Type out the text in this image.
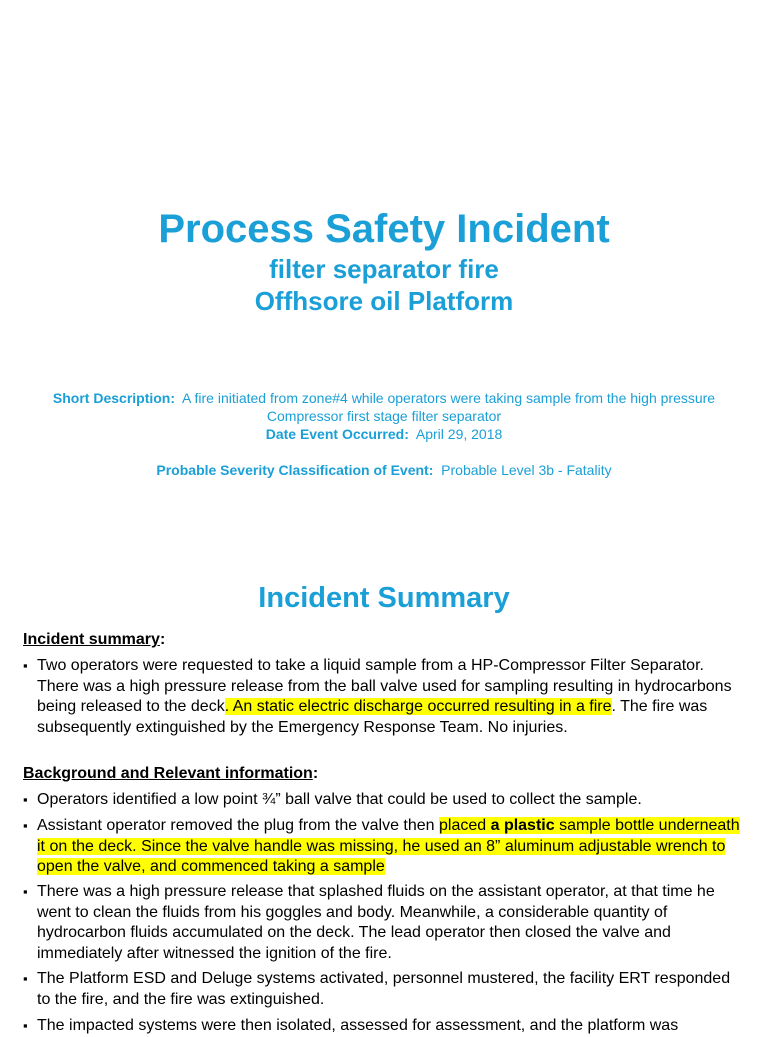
Process Safety Incident
filter separator fire
Offhsore oil Platform
Short Description: A fire initiated from zone#4 while operators were taking sample from the high pressure Compressor first stage filter separator
Date Event Occurred: April 29, 2018
Probable Severity Classification of Event: Probable Level 3b - Fatality
Incident Summary
Incident summary:
▪ Two operators were requested to take a liquid sample from a HP-Compressor Filter Separator. There was a high pressure release from the ball valve used for sampling resulting in hydrocarbons being released to the deck. An static electric discharge occurred resulting in a fire. The fire was subsequently extinguished by the Emergency Response Team. No injuries.
Background and Relevant information:
▪ Operators identified a low point ¾” ball valve that could be used to collect the sample.
▪ Assistant operator removed the plug from the valve then placed a plastic sample bottle underneath it on the deck. Since the valve handle was missing, he used an 8” aluminum adjustable wrench to open the valve, and commenced taking a sample
▪ There was a high pressure release that splashed fluids on the assistant operator, at that time he went to clean the fluids from his goggles and body. Meanwhile, a considerable quantity of hydrocarbon fluids accumulated on the deck. The lead operator then closed the valve and immediately after witnessed the ignition of the fire.
▪ The Platform ESD and Deluge systems activated, personnel mustered, the facility ERT responded to the fire, and the fire was extinguished.
▪ The impacted systems were then isolated, assessed for assessment, and the platform was
